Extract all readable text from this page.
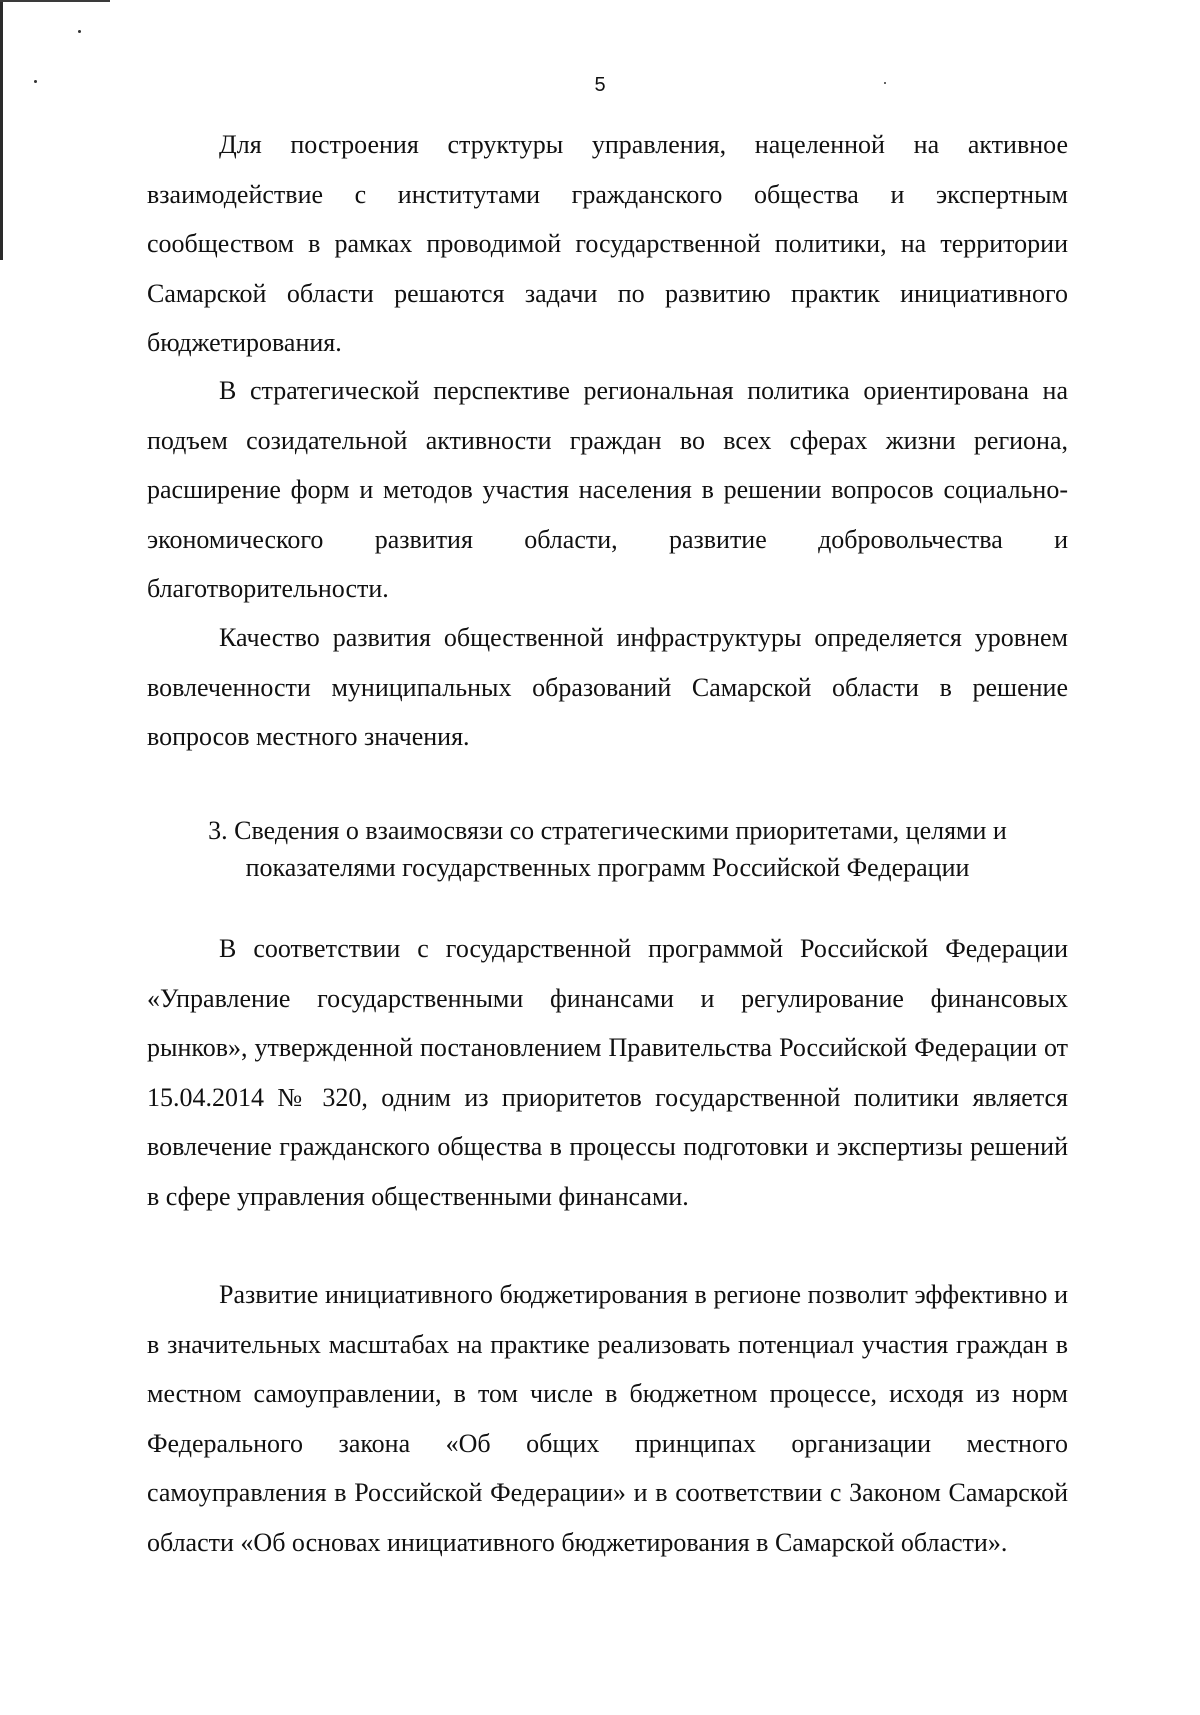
5

Для построения структуры управления, нацеленной на активное взаимодействие с институтами гражданского общества и экспертным сообществом в рамках проводимой государственной политики, на территории Самарской области решаются задачи по развитию практик инициативного бюджетирования.

В стратегической перспективе региональная политика ориентирована на подъем созидательной активности граждан во всех сферах жизни региона, расширение форм и методов участия населения в решении вопросов социально-экономического развития области, развитие добровольчества и благотворительности.

Качество развития общественной инфраструктуры определяется уровнем вовлеченности муниципальных образований Самарской области в решение вопросов местного значения.

3. Сведения о взаимосвязи со стратегическими приоритетами, целями и
показателями государственных программ Российской Федерации

В соответствии с государственной программой Российской Федерации «Управление государственными финансами и регулирование финансовых рынков», утвержденной постановлением Правительства Российской Федерации от 15.04.2014 № 320, одним из приоритетов государственной политики является вовлечение гражданского общества в процессы подготовки и экспертизы решений в сфере управления общественными финансами.

Развитие инициативного бюджетирования в регионе позволит эффективно и в значительных масштабах на практике реализовать потенциал участия граждан в местном самоуправлении, в том числе в бюджетном процессе, исходя из норм Федерального закона «Об общих принципах организации местного самоуправления в Российской Федерации» и в соответствии с Законом Самарской области «Об основах инициативного бюджетирования в Самарской области».
